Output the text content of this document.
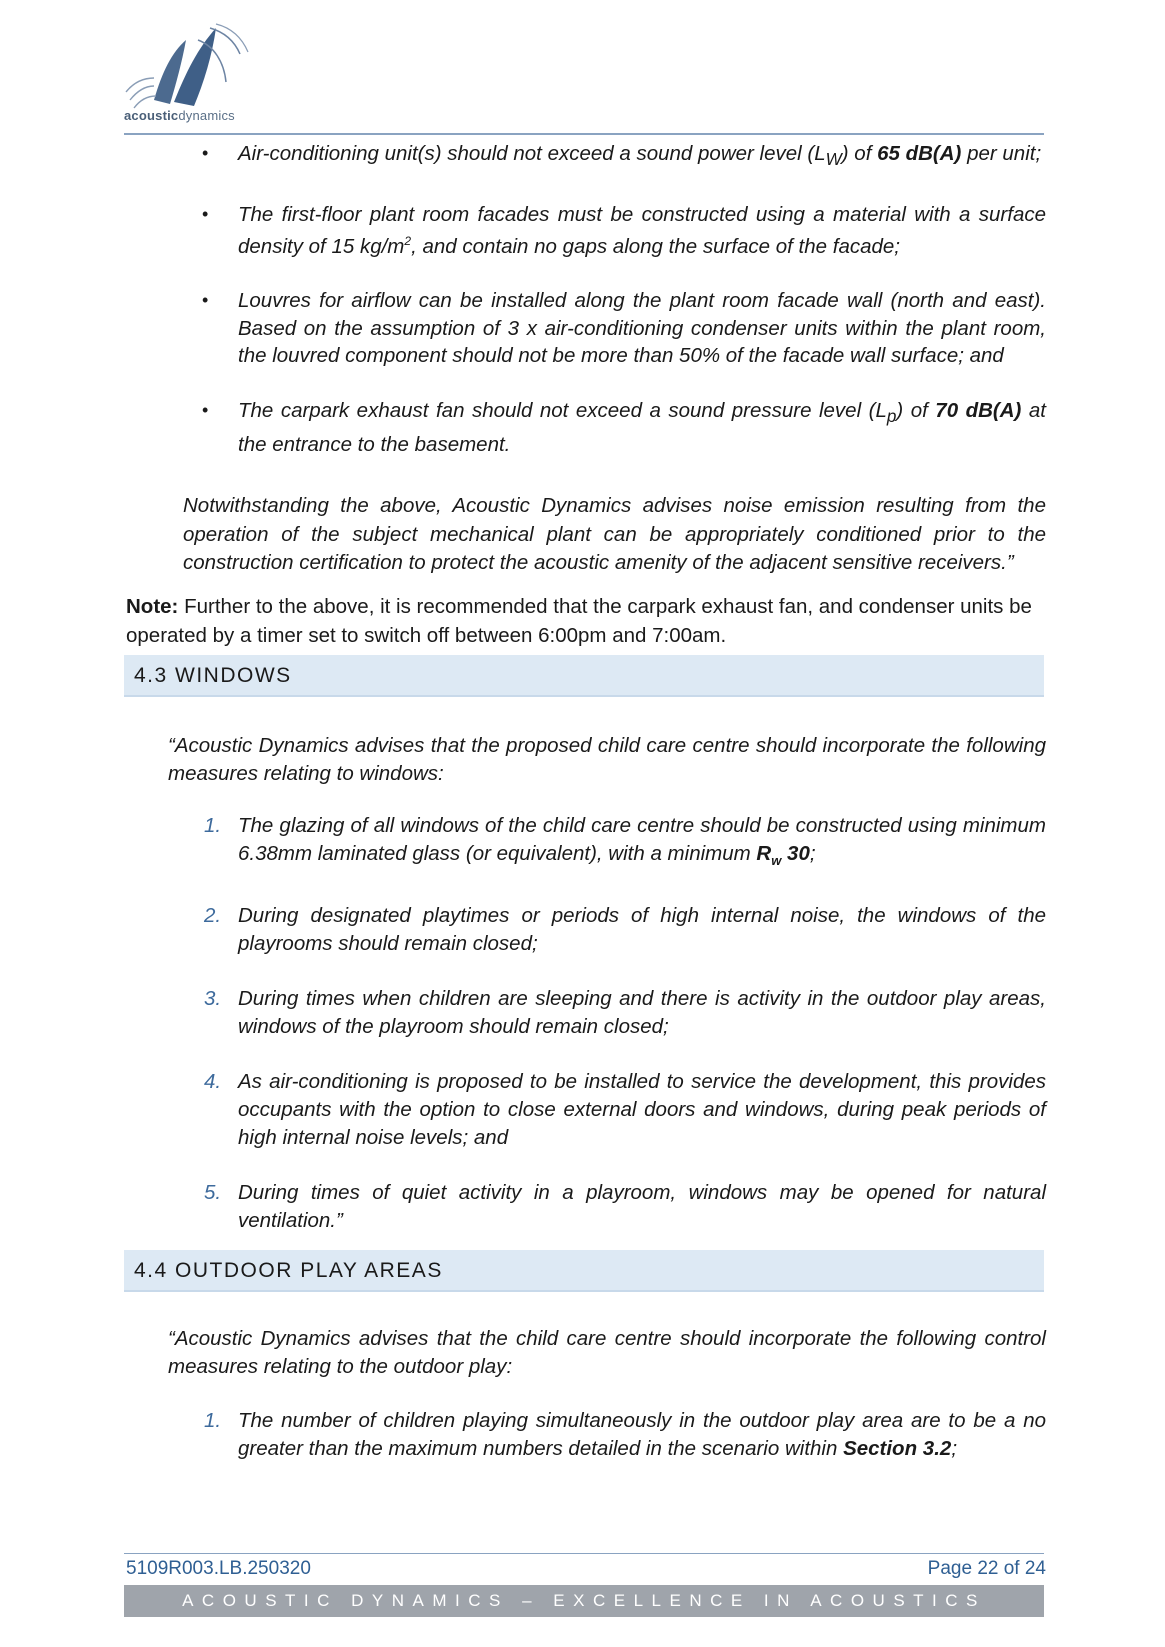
acousticdynamics
• Air-conditioning unit(s) should not exceed a sound power level $(L_W)$ of 65 dB(A) per unit;
• The first-floor plant room facades must be constructed using a material with a surface density of 15 $kg/m^2$, and contain no gaps along the surface of the facade;
• Louvres for airflow can be installed along the plant room facade wall (north and east). Based on the assumption of 3 x air-conditioning condenser units within the plant room, the louvred component should not be more than 50% of the facade wall surface; and
• The carpark exhaust fan should not exceed a sound pressure level $(L_p)$ of 70 dB(A) at the entrance to the basement.
Notwithstanding the above, Acoustic Dynamics advises noise emission resulting from the operation of the subject mechanical plant can be appropriately conditioned prior to the construction certification to protect the acoustic amenity of the adjacent sensitive receivers.”
Note: Further to the above, it is recommended that the carpark exhaust fan, and condenser units be operated by a timer set to switch off between 6:00pm and 7:00am.
4.3 WINDOWS
“Acoustic Dynamics advises that the proposed child care centre should incorporate the following measures relating to windows:
1. The glazing of all windows of the child care centre should be constructed using minimum 6.38mm laminated glass (or equivalent), with a minimum $R_w$ 30;
2. During designated playtimes or periods of high internal noise, the windows of the playrooms should remain closed;
3. During times when children are sleeping and there is activity in the outdoor play areas, windows of the playroom should remain closed;
4. As air-conditioning is proposed to be installed to service the development, this provides occupants with the option to close external doors and windows, during peak periods of high internal noise levels; and
5. During times of quiet activity in a playroom, windows may be opened for natural ventilation.”
4.4 OUTDOOR PLAY AREAS
“Acoustic Dynamics advises that the child care centre should incorporate the following control measures relating to the outdoor play:
1. The number of children playing simultaneously in the outdoor play area are to be a no greater than the maximum numbers detailed in the scenario within Section 3.2;
5109R003.LB.250320	Page 22 of 24
ACOUSTIC DYNAMICS – EXCELLENCE IN ACOUSTICS
